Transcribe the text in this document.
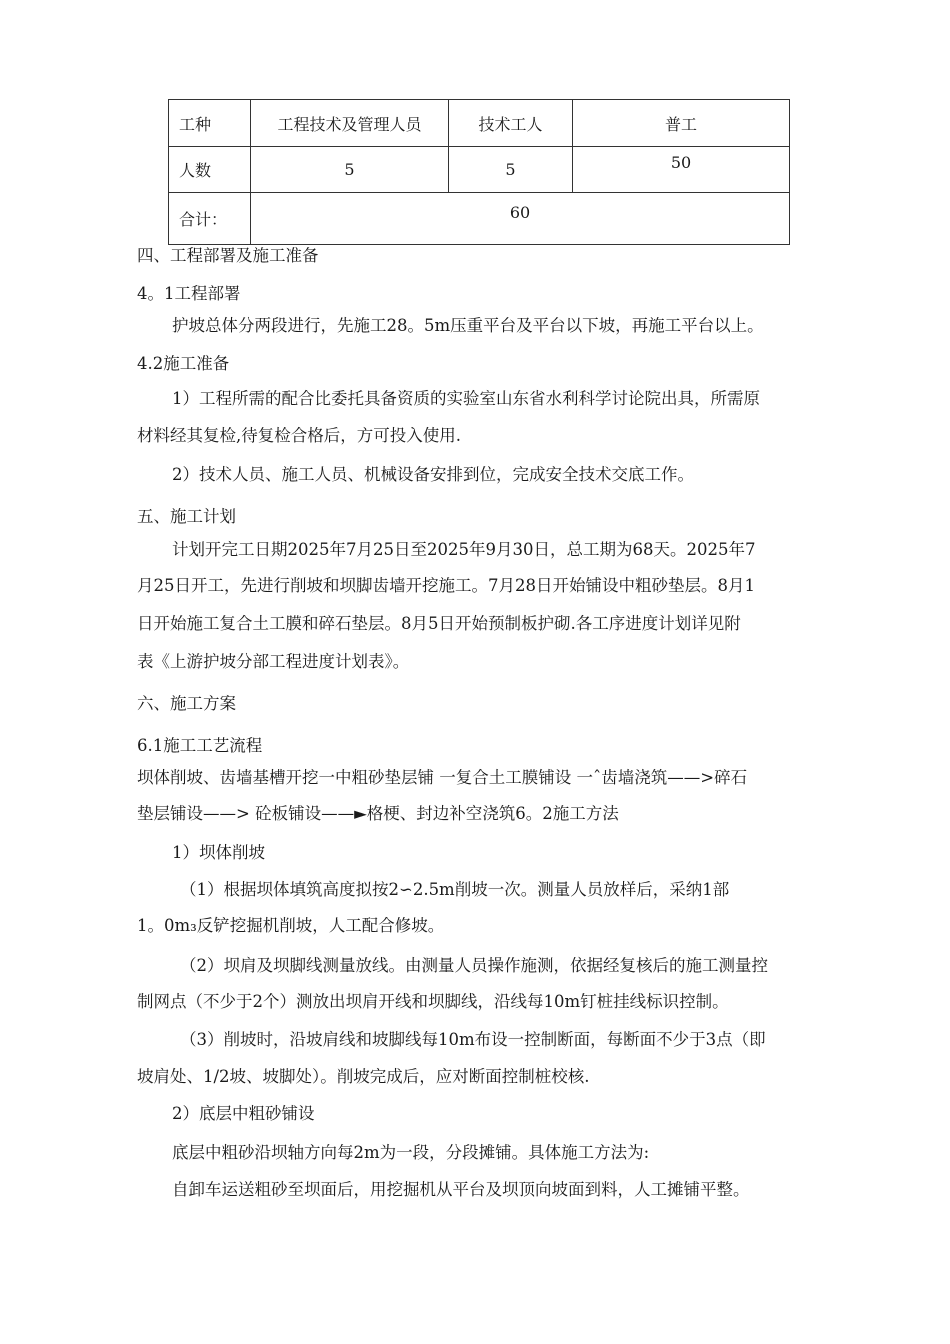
工种	工程技术及管理人员	技术工人	普工
人数	5	5	50
合计：	60		
四、工程部署及施工准备
4。1工程部署
护坡总体分两段进行，先施工28。5m压重平台及平台以下坡，再施工平台以上。
4.2施工准备
1）工程所需的配合比委托具备资质的实验室山东省水利科学讨论院出具，所需原
材料经其复检,待复检合格后，方可投入使用.
2）技术人员、施工人员、机械设备安排到位，完成安全技术交底工作。
五、施工计划
计划开完工日期2025年7月25日至2025年9月30日，总工期为68天。2025年7
月25日开工，先进行削坡和坝脚齿墙开挖施工。7月28日开始铺设中粗砂垫层。8月1
日开始施工复合土工膜和碎石垫层。8月5日开始预制板护砌.各工序进度计划详见附
表《上游护坡分部工程进度计划表》。
六、施工方案
6.1施工工艺流程
坝体削坡、齿墙基槽开挖一中粗砂垫层铺 一复合土工膜铺设 一ˆ齿墙浇筑——>碎石
垫层铺设——> 砼板铺设——►格梗、封边补空浇筑6。2施工方法
1）坝体削坡
（1）根据坝体填筑高度拟按2∽2.5m削坡一次。测量人员放样后，采纳1部
1。0m₃反铲挖掘机削坡，人工配合修坡。
（2）坝肩及坝脚线测量放线。由测量人员操作施测，依据经复核后的施工测量控
制网点（不少于2个）测放出坝肩开线和坝脚线，沿线每10m钉桩挂线标识控制。
（3）削坡时，沿坡肩线和坡脚线每10m布设一控制断面，每断面不少于3点（即
坡肩处、1/2坡、坡脚处）。削坡完成后，应对断面控制桩校核.
2）底层中粗砂铺设
底层中粗砂沿坝轴方向每2m为一段，分段摊铺。具体施工方法为:
自卸车运送粗砂至坝面后，用挖掘机从平台及坝顶向坡面到料，人工摊铺平整。
